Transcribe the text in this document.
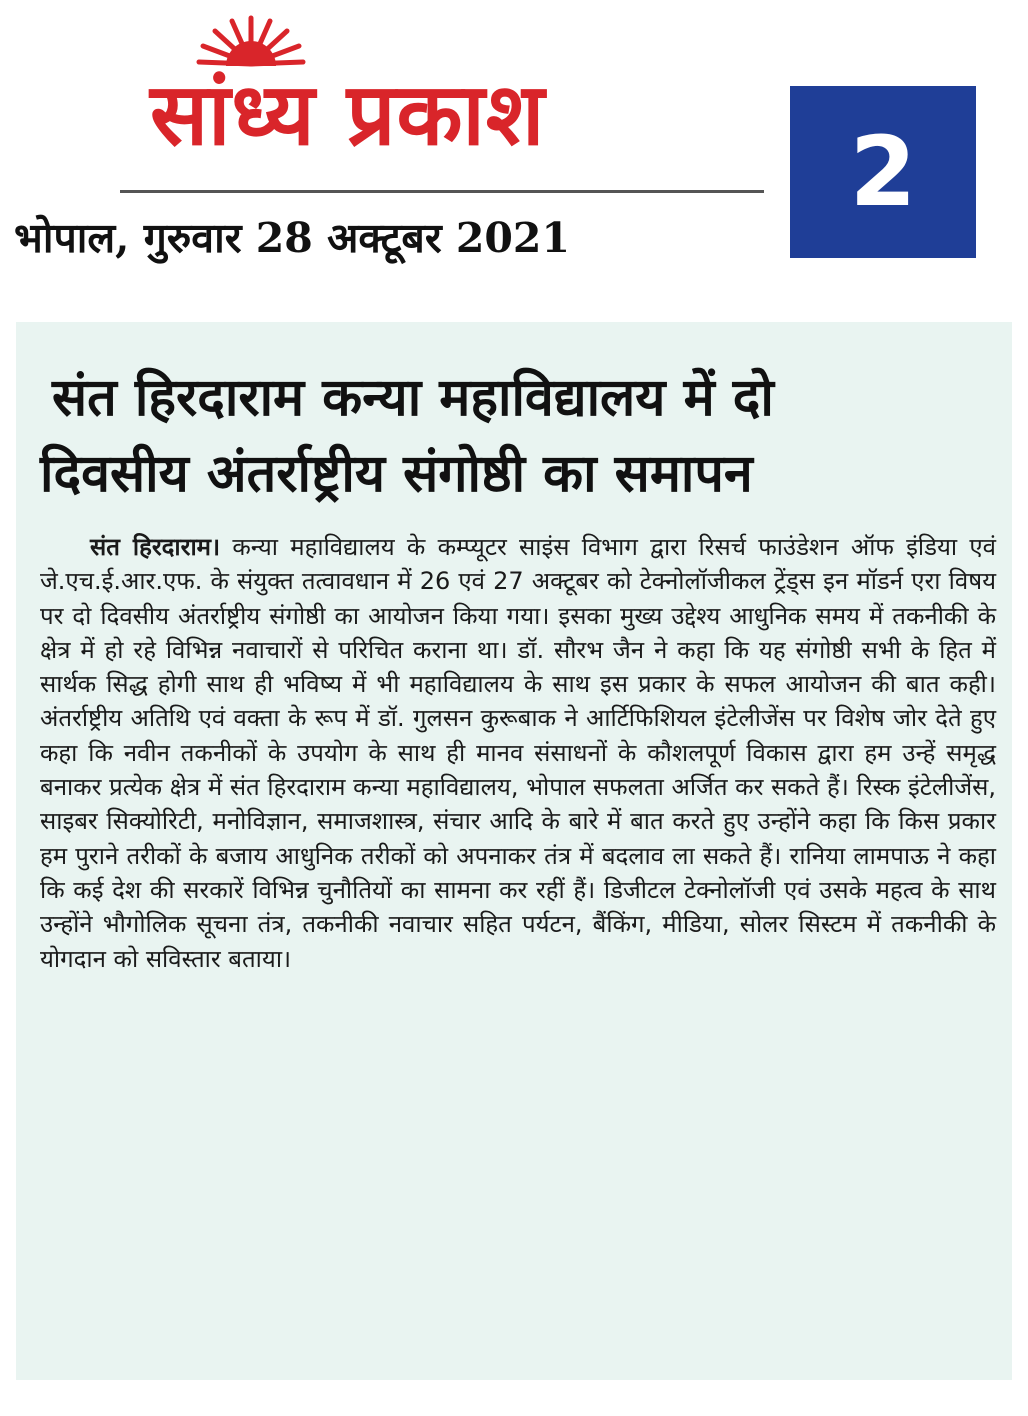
सांध्य प्रकाश
भोपाल, गुरुवार 28 अक्टूबर 2021
2
संत हिरदाराम कन्या महाविद्यालय में दो
दिवसीय अंतर्राष्ट्रीय संगोष्ठी का समापन

संत हिरदाराम। कन्या महाविद्यालय के कम्प्यूटर साइंस विभाग द्वारा रिसर्च फाउंडेशन ऑफ इंडिया एवं जे.एच.ई.आर.एफ. के संयुक्त तत्वावधान में 26 एवं 27 अक्टूबर को टेक्नोलॉजीकल ट्रेंड्स इन मॉडर्न एरा विषय पर दो दिवसीय अंतर्राष्ट्रीय संगोष्ठी का आयोजन किया गया। इसका मुख्य उद्देश्य आधुनिक समय में तकनीकी के क्षेत्र में हो रहे विभिन्न नवाचारों से परिचित कराना था। डॉ. सौरभ जैन ने कहा कि यह संगोष्ठी सभी के हित में सार्थक सिद्ध होगी साथ ही भविष्य में भी महाविद्यालय के साथ इस प्रकार के सफल आयोजन की बात कही। अंतर्राष्ट्रीय अतिथि एवं वक्ता के रूप में डॉ. गुलसन कुरूबाक ने आर्टिफिशियल इंटेलीजेंस पर विशेष जोर देते हुए कहा कि नवीन तकनीकों के उपयोग के साथ ही मानव संसाधनों के कौशलपूर्ण विकास द्वारा हम उन्हें समृद्ध बनाकर प्रत्येक क्षेत्र में संत हिरदाराम कन्या महाविद्यालय, भोपाल सफलता अर्जित कर सकते हैं। रिस्क इंटेलीजेंस, साइबर सिक्योरिटी, मनोविज्ञान, समाजशास्त्र, संचार आदि के बारे में बात करते हुए उन्होंने कहा कि किस प्रकार हम पुराने तरीकों के बजाय आधुनिक तरीकों को अपनाकर तंत्र में बदलाव ला सकते हैं। रानिया लामपाऊ ने कहा कि कई देश की सरकारें विभिन्न चुनौतियों का सामना कर रहीं हैं। डिजीटल टेक्नोलॉजी एवं उसके महत्व के साथ उन्होंने भौगोलिक सूचना तंत्र, तकनीकी नवाचार सहित पर्यटन, बैंकिंग, मीडिया, सोलर सिस्टम में तकनीकी के योगदान को सविस्तार बताया।
